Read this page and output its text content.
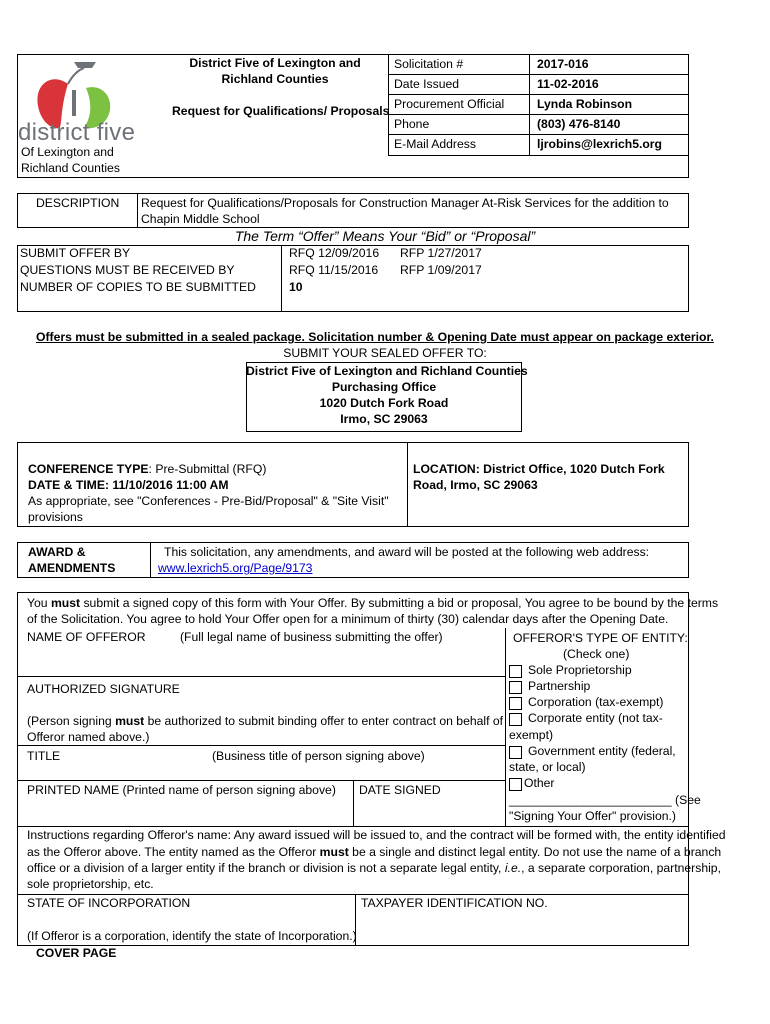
district five
Of Lexington and
Richland Counties
District Five of Lexington and
Richland Counties
Request for Qualifications/ Proposals
Solicitation #	2017-016
Date Issued	11-02-2016
Procurement Official	Lynda Robinson
Phone	(803) 476-8140
E-Mail Address	ljrobins@lexrich5.org
DESCRIPTION Request for Qualifications/Proposals for Construction Manager At-Risk Services for the addition to Chapin Middle School
The Term “Offer” Means Your “Bid” or “Proposal”
SUBMIT OFFER BY	RFQ 12/09/2016 RFP 1/27/2017
QUESTIONS MUST BE RECEIVED BY	RFQ 11/15/2016 RFP 1/09/2017
NUMBER OF COPIES TO BE SUBMITTED	10
Offers must be submitted in a sealed package. Solicitation number & Opening Date must appear on package exterior.
SUBMIT YOUR SEALED OFFER TO:
District Five of Lexington and Richland Counties
Purchasing Office
1020 Dutch Fork Road
Irmo, SC 29063
CONFERENCE TYPE: Pre-Submittal (RFQ)
DATE & TIME: 11/10/2016 11:00 AM
As appropriate, see "Conferences - Pre-Bid/Proposal" & "Site Visit"
provisions
LOCATION: District Office, 1020 Dutch Fork
Road, Irmo, SC 29063
AWARD &
AMENDMENTS
This solicitation, any amendments, and award will be posted at the following web address:
www.lexrich5.org/Page/9173
You must submit a signed copy of this form with Your Offer. By submitting a bid or proposal, You agree to be bound by the terms
of the Solicitation. You agree to hold Your Offer open for a minimum of thirty (30) calendar days after the Opening Date.
NAME OF OFFEROR	(Full legal name of business submitting the offer)
AUTHORIZED SIGNATURE
(Person signing must be authorized to submit binding offer to enter contract on behalf of
Offeror named above.)
TITLE	(Business title of person signing above)
PRINTED NAME (Printed name of person signing above) DATE SIGNED
OFFEROR'S TYPE OF ENTITY:
(Check one)
Sole Proprietorship
Partnership
Corporation (tax-exempt)
Corporate entity (not tax-
exempt)
Government entity (federal,
state, or local)
Other
________________________ (See
"Signing Your Offer" provision.)
Instructions regarding Offeror's name: Any award issued will be issued to, and the contract will be formed with, the entity identified
as the Offeror above. The entity named as the Offeror must be a single and distinct legal entity. Do not use the name of a branch
office or a division of a larger entity if the branch or division is not a separate legal entity, i.e., a separate corporation, partnership,
sole proprietorship, etc.
STATE OF INCORPORATION
(If Offeror is a corporation, identify the state of Incorporation.)
TAXPAYER IDENTIFICATION NO.
COVER PAGE
